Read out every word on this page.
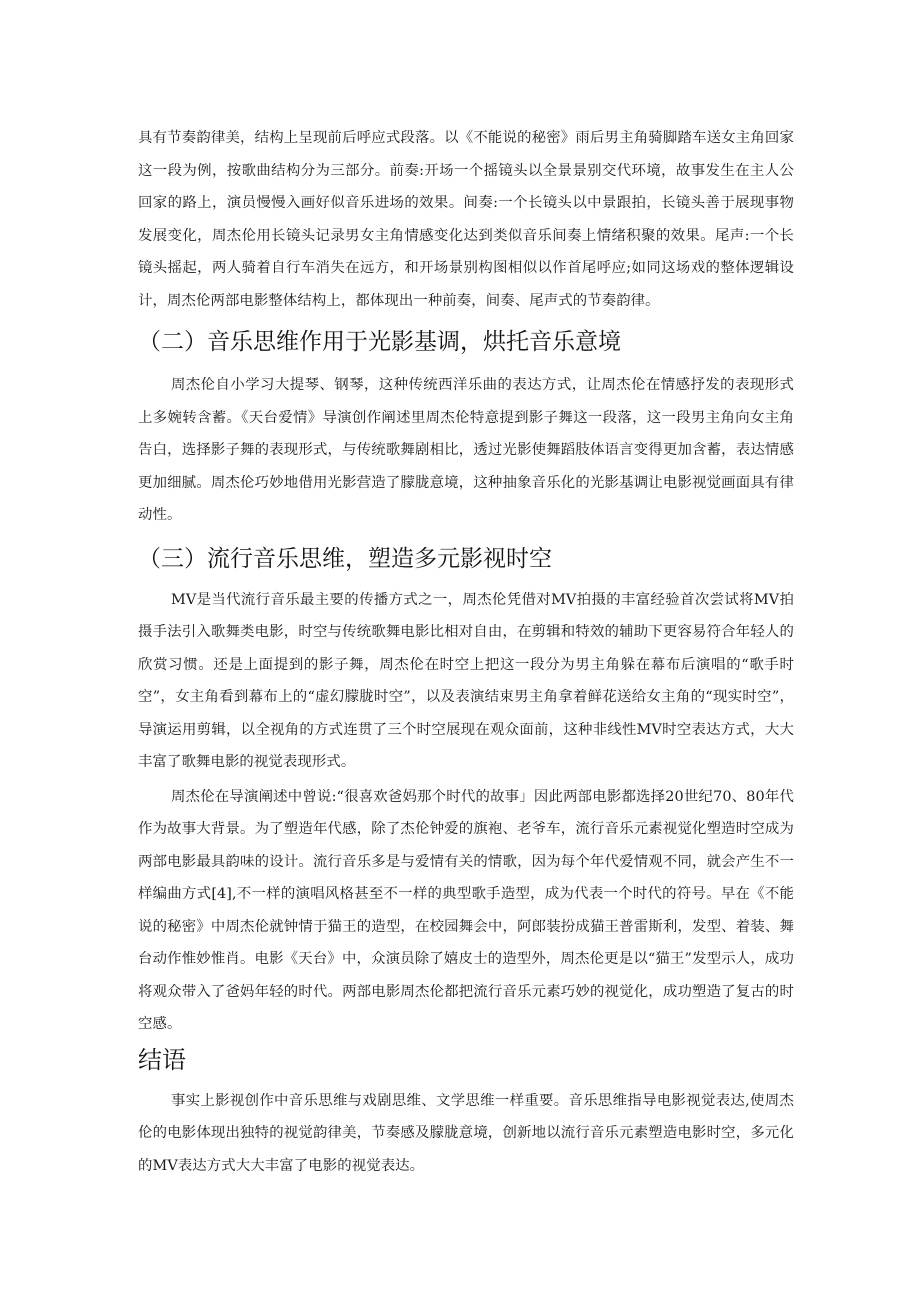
具有节奏韵律美，结构上呈现前后呼应式段落。以《不能说的秘密》雨后男主角骑脚踏车送女主角回家这一段为例，按歌曲结构分为三部分。前奏:开场一个摇镜头以全景景别交代环境，故事发生在主人公回家的路上，演员慢慢入画好似音乐进场的效果。间奏:一个长镜头以中景跟拍，长镜头善于展现事物发展变化，周杰伦用长镜头记录男女主角情感变化达到类似音乐间奏上情绪积聚的效果。尾声:一个长镜头摇起，两人骑着自行车消失在远方，和开场景别构图相似以作首尾呼应;如同这场戏的整体逻辑设计，周杰伦两部电影整体结构上，都体现出一种前奏，间奏、尾声式的节奏韵律。

（二）音乐思维作用于光影基调，烘托音乐意境

周杰伦自小学习大提琴、钢琴，这种传统西洋乐曲的表达方式，让周杰伦在情感抒发的表现形式上多婉转含蓄。《天台爱情》导演创作阐述里周杰伦特意提到影子舞这一段落，这一段男主角向女主角告白，选择影子舞的表现形式，与传统歌舞剧相比，透过光影使舞蹈肢体语言变得更加含蓄，表达情感更加细腻。周杰伦巧妙地借用光影营造了朦胧意境，这种抽象音乐化的光影基调让电影视觉画面具有律动性。

（三）流行音乐思维，塑造多元影视时空

MV是当代流行音乐最主要的传播方式之一，周杰伦凭借对MV拍摄的丰富经验首次尝试将MV拍摄手法引入歌舞类电影，时空与传统歌舞电影比相对自由，在剪辑和特效的辅助下更容易符合年轻人的欣赏习惯。还是上面提到的影子舞，周杰伦在时空上把这一段分为男主角躲在幕布后演唱的“歌手时空”，女主角看到幕布上的“虚幻朦胧时空”，以及表演结束男主角拿着鲜花送给女主角的“现实时空”，导演运用剪辑，以全视角的方式连贯了三个时空展现在观众面前，这种非线性MV时空表达方式，大大丰富了歌舞电影的视觉表现形式。

周杰伦在导演阐述中曾说:“很喜欢爸妈那个时代的故事」因此两部电影都选择20世纪70、80年代作为故事大背景。为了塑造年代感，除了杰伦钟爱的旗袍、老爷车，流行音乐元素视觉化塑造时空成为两部电影最具韵味的设计。流行音乐多是与爱情有关的情歌，因为每个年代爱情观不同，就会产生不一样编曲方式[4],不一样的演唱风格甚至不一样的典型歌手造型，成为代表一个时代的符号。早在《不能说的秘密》中周杰伦就钟情于猫王的造型，在校园舞会中，阿郎装扮成猫王普雷斯利，发型、着装、舞台动作惟妙惟肖。电影《天台》中，众演员除了嬉皮士的造型外，周杰伦更是以“猫王”发型示人，成功将观众带入了爸妈年轻的时代。两部电影周杰伦都把流行音乐元素巧妙的视觉化，成功塑造了复古的时空感。

结语

事实上影视创作中音乐思维与戏剧思维、文学思维一样重要。音乐思维指导电影视觉表达,使周杰伦的电影体现出独特的视觉韵律美，节奏感及朦胧意境，创新地以流行音乐元素塑造电影时空，多元化的MV表达方式大大丰富了电影的视觉表达。
